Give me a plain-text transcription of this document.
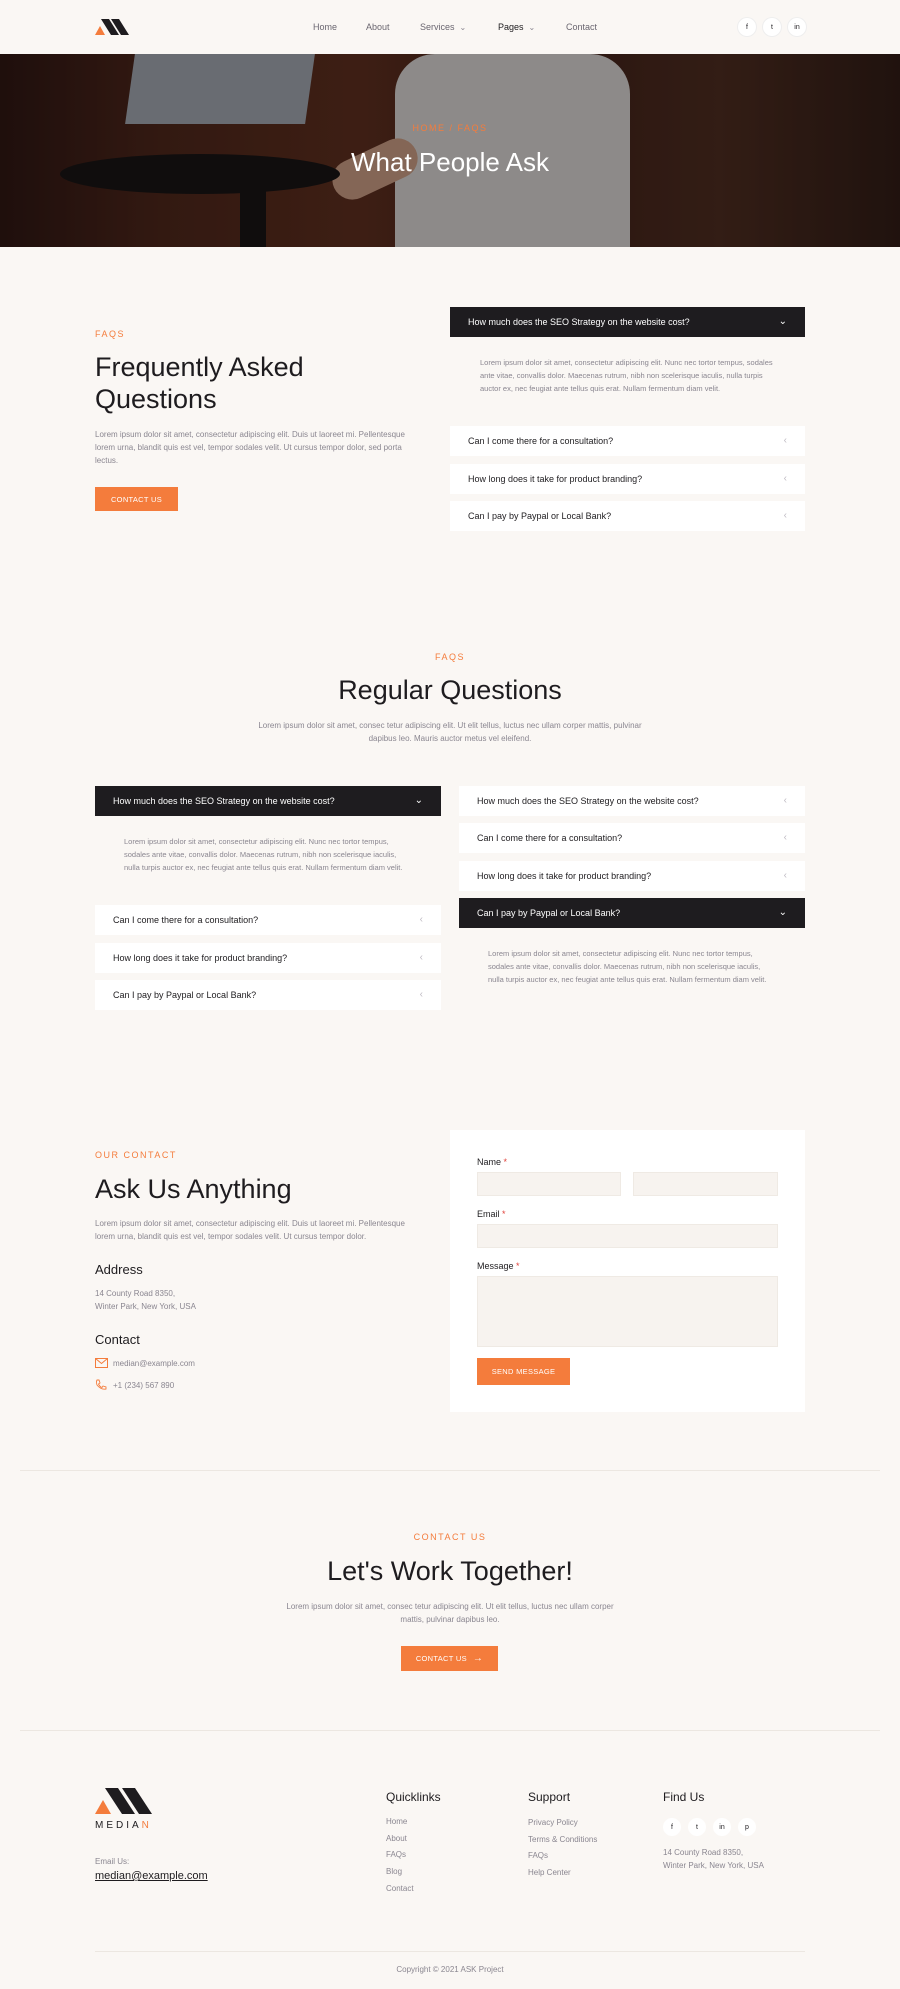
Home	About	Services ⌄	Pages ⌄	Contact	f	t	in
HOME / FAQS
What People Ask
FAQS
Frequently Asked
Questions
Lorem ipsum dolor sit amet, consectetur adipiscing elit. Duis ut laoreet mi. Pellentesque lorem urna, blandit quis est vel, tempor sodales velit. Ut cursus tempor dolor, sed porta lectus.
CONTACT US
How much does the SEO Strategy on the website cost?	⌄
Lorem ipsum dolor sit amet, consectetur adipiscing elit. Nunc nec tortor tempus, sodales ante vitae, convallis dolor. Maecenas rutrum, nibh non scelerisque iaculis, nulla turpis auctor ex, nec feugiat ante tellus quis erat. Nullam fermentum diam velit.
Can I come there for a consultation?	‹
How long does it take for product branding?	‹
Can I pay by Paypal or Local Bank?	‹
FAQS
Regular Questions
Lorem ipsum dolor sit amet, consec tetur adipiscing elit. Ut elit tellus, luctus nec ullam corper mattis, pulvinar
dapibus leo. Mauris auctor metus vel eleifend.
How much does the SEO Strategy on the website cost?	⌄
Lorem ipsum dolor sit amet, consectetur adipiscing elit. Nunc nec tortor tempus, sodales ante vitae, convallis dolor. Maecenas rutrum, nibh non scelerisque iaculis, nulla turpis auctor ex, nec feugiat ante tellus quis erat. Nullam fermentum diam velit.
Can I come there for a consultation?	‹
How long does it take for product branding?	‹
Can I pay by Paypal or Local Bank?	‹
How much does the SEO Strategy on the website cost?	‹
Can I come there for a consultation?	‹
How long does it take for product branding?	‹
Can I pay by Paypal or Local Bank?	⌄
Lorem ipsum dolor sit amet, consectetur adipiscing elit. Nunc nec tortor tempus, sodales ante vitae, convallis dolor. Maecenas rutrum, nibh non scelerisque iaculis, nulla turpis auctor ex, nec feugiat ante tellus quis erat. Nullam fermentum diam velit.
OUR CONTACT
Ask Us Anything
Lorem ipsum dolor sit amet, consectetur adipiscing elit. Duis ut laoreet mi. Pellentesque lorem urna, blandit quis est vel, tempor sodales velit. Ut cursus tempor dolor.
Address
14 County Road 8350,
Winter Park, New York, USA
Contact
median@example.com
+1 (234) 567 890
Name *
Email *
Message *
SEND MESSAGE
CONTACT US
Let's Work Together!
Lorem ipsum dolor sit amet, consec tetur adipiscing elit. Ut elit tellus, luctus nec ullam corper
mattis, pulvinar dapibus leo.
CONTACT US →
MEDIAN
Email Us:
median@example.com
Quicklinks
Home
About
FAQs
Blog
Contact
Support
Privacy Policy
Terms & Conditions
FAQs
Help Center
Find Us
f	t	in	p
14 County Road 8350,
Winter Park, New York, USA
Copyright © 2021 ASK Project
